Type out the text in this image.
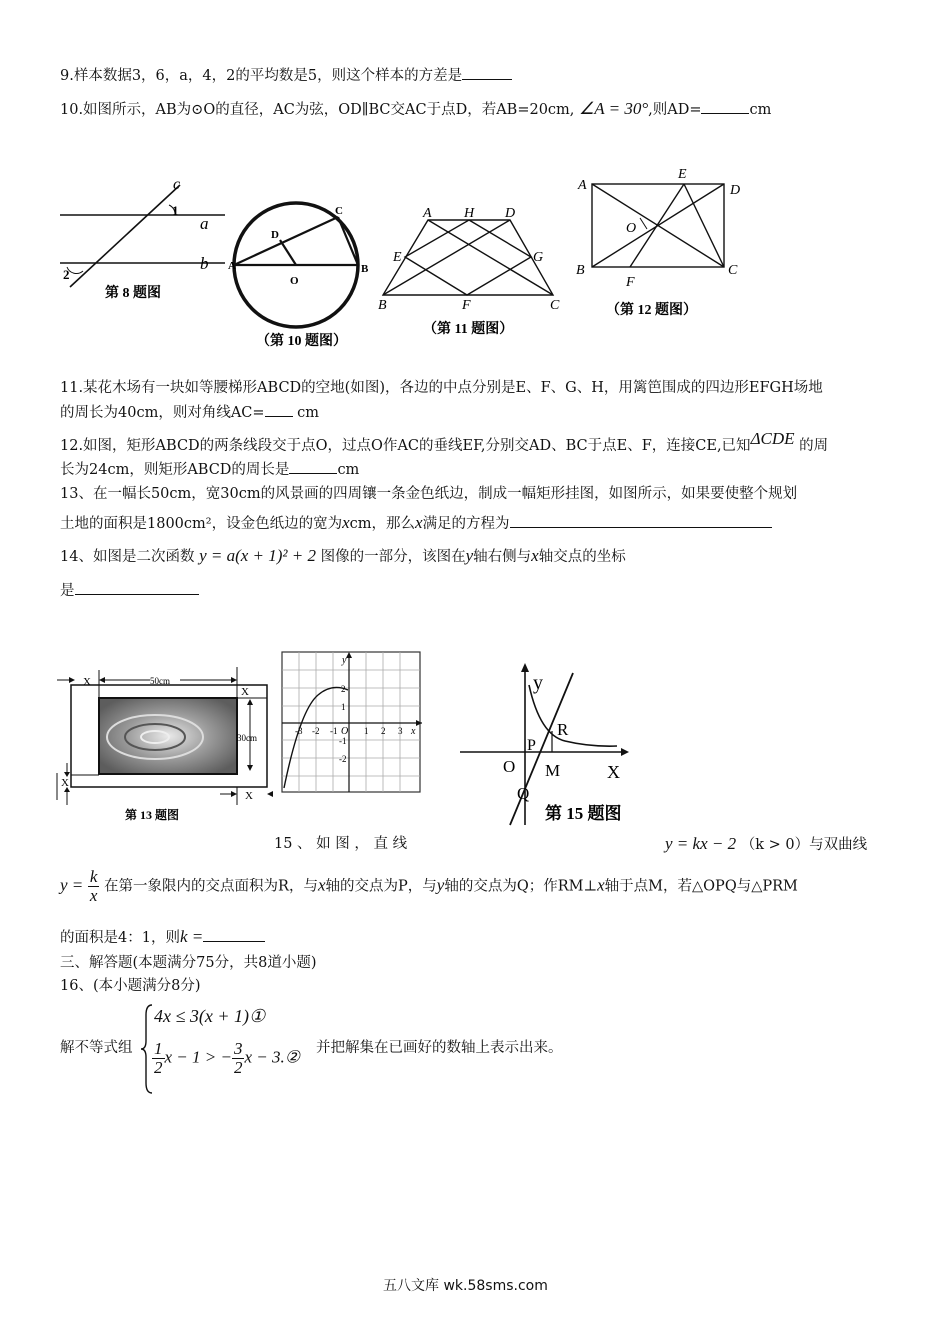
9.样本数据3，6，a，4，2的平均数是5，则这个样本的方差是
10.如图所示，AB为⊙O的直径，AC为弦，OD∥BC交AC于点D，若AB=20cm, ∠A = 30°,则AD=	cm
c
1
a
b
2
第 8 题图
A	B
C
D
O
（第 10 题图）
A H D
E	G
B	F	C
（第 11 题图）
A
E
D
O
B
F
C
（第 12 题图）
11.某花木场有一块如等腰梯形ABCD的空地(如图)，各边的中点分别是E、F、G、H，用篱笆围成的四边形EFGH场地
的周长为40cm，则对角线AC= cm
12.如图，矩形ABCD的两条线段交于点O，过点O作AC的垂线EF,分别交AD、BC于点E、F，连接CE,已知ΔCDE 的周
长为24cm，则矩形ABCD的周长是	cm
13、在一幅长50cm，宽30cm的风景画的四周镶一条金色纸边，制成一幅矩形挂图，如图所示，如果要使整个规划
土地的面积是1800cm²，设金色纸边的宽为xcm，那么x满足的方程为
14、如图是二次函数 y = a(x + 1)² + 2 图像的一部分，该图在y轴右侧与x轴交点的坐标
是
X	50cm
X
30cm
X
X
第 13 题图
y
2
1
-3 -2 -1 O 1 2 3 x
-1
-2
y
R
P
O M	X
Q
第 15 题图
15 、 如 图 ， 直 线	y = kx − 2 （k > 0）与双曲线
$y = \frac{k}{x}$ 在第一象限内的交点面积为R，与x轴的交点为P，与y轴的交点为Q；作RM⊥x轴于点M，若△OPQ与△PRM
的面积是4：1，则k =
三、解答题(本题满分75分，共8道小题)
16、(本小题满分8分)
解不等式组
4x ≤ 3(x + 1)①
$\frac{1}{2}$ x − 1 > − $\frac{3}{2}$ x − 3.② 并把解集在已画好的数轴上表示出来。
五八文库 wk.58sms.com
